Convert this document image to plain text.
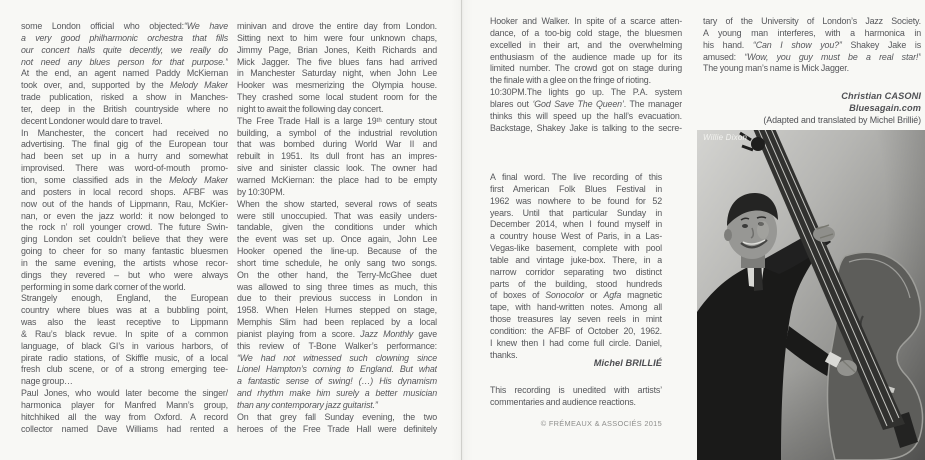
some London official who objected:“We have
a very good philharmonic orchestra that fills
our concert halls quite decently, we really do
not need any blues person for that purpose.”
At the end, an agent named Paddy McKiernan
took over, and, supported by the Melody Maker
trade publication, risked a show in Manches-
ter, deep in the British countryside where no
decent Londoner would dare to travel.
In Manchester, the concert had received no
advertising. The final gig of the European tour
had been set up in a hurry and somewhat
improvised. There was word-of-mouth promo-
tion, some classified ads in the Melody Maker
and posters in local record shops. AFBF was
now out of the hands of Lippmann, Rau, McKier-
nan, or even the jazz world: it now belonged to
the rock n’ roll younger crowd. The future Swin-
ging London set couldn’t believe that they were
going to cheer for so many fantastic bluesmen
in the same evening, the artists whose recor-
dings they revered – but who were always
performing in some dark corner of the world.
Strangely enough, England, the European
country where blues was at a bubbling point,
was also the least receptive to Lippmann
& Rau’s black revue. In spite of a common
language, of black GI’s in various harbors, of
pirate radio stations, of Skiffle music, of a local
fresh club scene, or of a strong emerging tee-
nage group…
Paul Jones, who would later become the singer/
harmonica player for Manfred Mann’s group,
hitchhiked all the way from Oxford. A record
collector named Dave Williams had rented a
minivan and drove the entire day from London.
Sitting next to him were four unknown chaps,
Jimmy Page, Brian Jones, Keith Richards and
Mick Jagger. The five blues fans had arrived
in Manchester Saturday night, when John Lee
Hooker was mesmerizing the Olympia house.
They crashed some local student room for the
night to await the following day concert.
The Free Trade Hall is a large 19ᵗʰ century stout
building, a symbol of the industrial revolution
that was bombed during World War II and
rebuilt in 1951. Its dull front has an impres-
sive and sinister classic look. The owner had
warned McKiernan: the place had to be empty
by 10:30PM.
When the show started, several rows of seats
were still unoccupied. That was easily unders-
tandable, given the conditions under which
the event was set up. Once again, John Lee
Hooker opened the line-up. Because of the
short time schedule, he only sang two songs.
On the other hand, the Terry-McGhee duet
was allowed to sing three times as much, this
due to their previous success in London in
1958. When Helen Humes stepped on stage,
Memphis Slim had been replaced by a local
pianist playing from a score. Jazz Monthly gave
this review of T-Bone Walker’s performance:
“We had not witnessed such clowning since
Lionel Hampton’s coming to England. But what
a fantastic sense of swing! (…) His dynamism
and rhythm make him surely a better musician
than any contemporary jazz guitarist.”
On that grey fall Sunday evening, the two
heroes of the Free Trade Hall were definitely
Hooker and Walker. In spite of a scarce atten-
dance, of a too-big cold stage, the bluesmen
excelled in their art, and the overwhelming
enthusiasm of the audience made up for its
limited number. The crowd got on stage during
the finale with a glee on the fringe of rioting.
10:30PM.The lights go up. The P.A. system
blares out ‘God Save The Queen’. The manager
thinks this will speed up the hall’s evacuation.
Backstage, Shakey Jake is talking to the secre-
A final word. The live recording of this
first American Folk Blues Festival in
1962 was nowhere to be found for 52
years. Until that particular Sunday in
December 2014, when I found myself in
a country house West of Paris, in a Las-
Vegas-like basement, complete with pool
table and vintage juke-box. There, in a
narrow corridor separating two distinct
parts of the building, stood hundreds
of boxes of Sonocolor or Agfa magnetic
tape, with hand-written notes. Among all
those treasures lay seven reels in mint
condition: the AFBF of October 20, 1962.
I knew then I had come full circle. Daniel,
thanks.
Michel BRILLIÉ
This recording is unedited with artists’
commentaries and audience reactions.
© FRÉMEAUX & ASSOCIÉS 2015
tary of the University of London’s Jazz Society.
A young man interferes, with a harmonica in
his hand. “Can I show you?” Shakey Jake is
amused: “Wow, you guy must be a real star!”
The young man’s name is Mick Jagger.
Christian CASONI
Bluesagain.com
(Adapted and translated by Michel Brillié)
Willie Dixon
